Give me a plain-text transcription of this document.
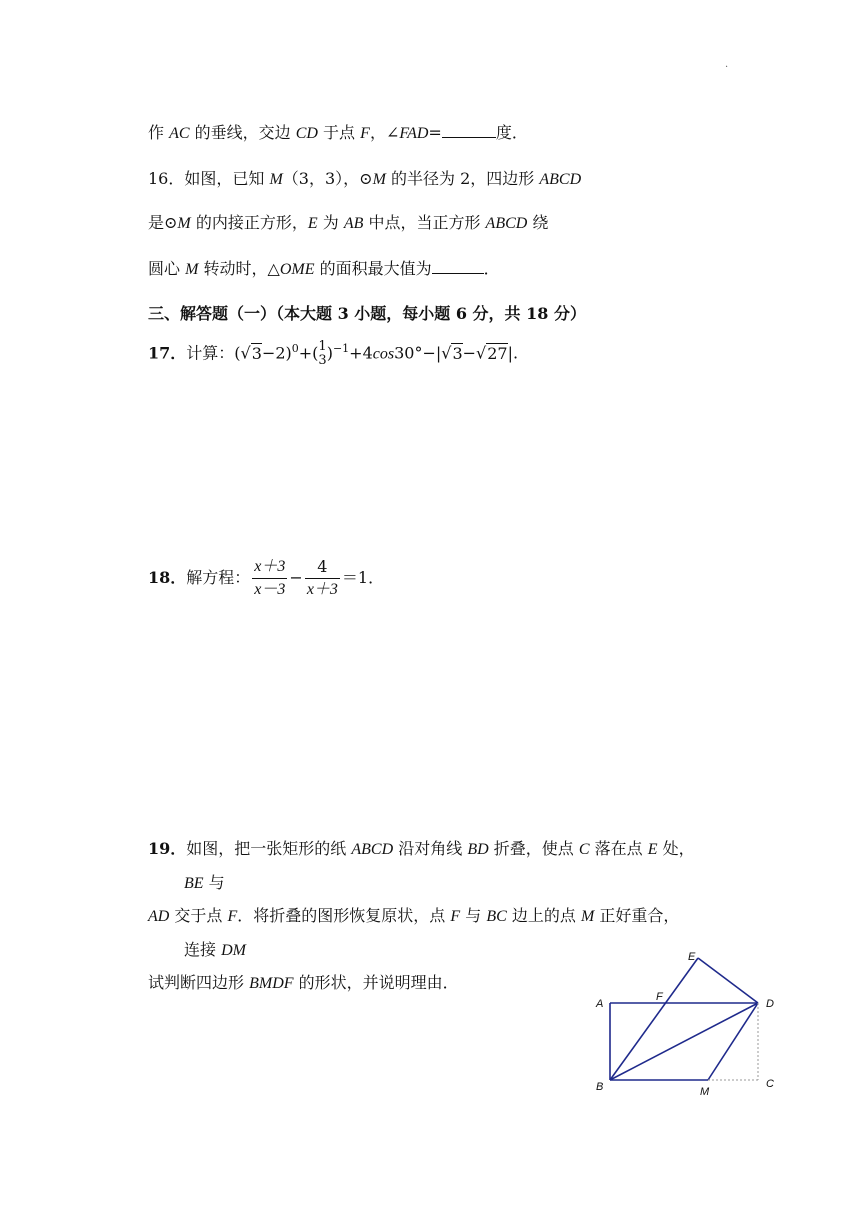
·
作 AC 的垂线，交边 CD 于点 F，∠FAD=	度．
16．如图，已知 M（3，3），⊙M 的半径为 2，四边形 ABCD
是⊙M 的内接正方形，E 为 AB 中点，当正方形 ABCD 绕
圆心 M 转动时，△OME 的面积最大值为	．
三、解答题（一）（本大题 3 小题，每小题 6 分，共 18 分）
17．计算：$(√3-2)^0+$( 1
3 )$^{-1}$+4cos30°−|√3−√27|.
18．解方程： $\frac{x+3}{x-3} - \frac{4}{x+3} =1$．
19．如图，把一张矩形的纸 ABCD 沿对角线 BD 折叠，使点 C 落在点 E 处，
BE 与
AD 交于点 F．将折叠的图形恢复原状，点 F 与 BC 边上的点 M 正好重合，
连接 DM
试判断四边形 BMDF 的形状，并说明理由．
E
A
F
D
B	M
C
